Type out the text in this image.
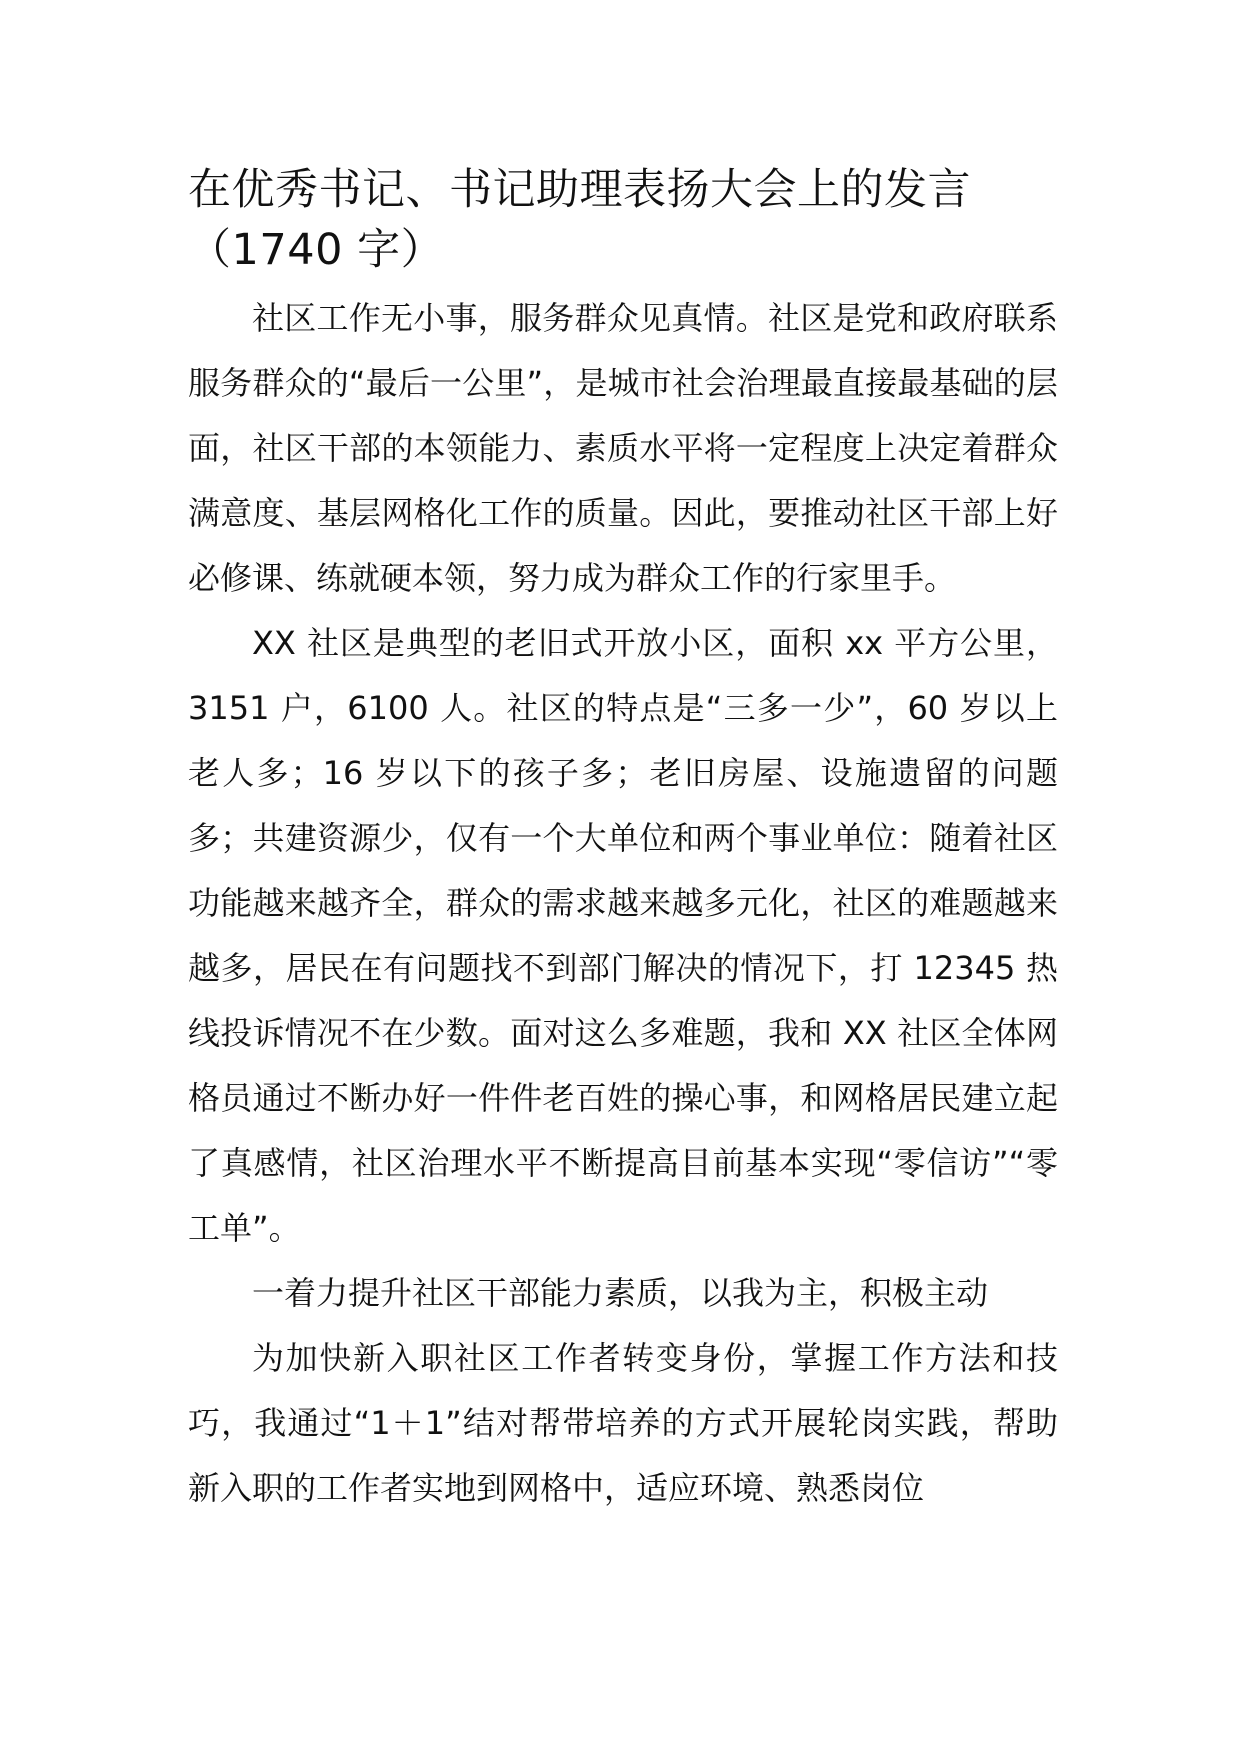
在优秀书记、书记助理表扬大会上的发言
（1740 字）

社区工作无小事，服务群众见真情。社区是党和政府联系服务群众的“最后一公里”，是城市社会治理最直接最基础的层面，社区干部的本领能力、素质水平将一定程度上决定着群众满意度、基层网格化工作的质量。因此，要推动社区干部上好必修课、练就硬本领，努力成为群众工作的行家里手。

XX 社区是典型的老旧式开放小区，面积 xx 平方公里，3151 户，6100 人。社区的特点是“三多一少”，60 岁以上老人多；16 岁以下的孩子多；老旧房屋、设施遗留的问题多；共建资源少，仅有一个大单位和两个事业单位：随着社区功能越来越齐全，群众的需求越来越多元化，社区的难题越来越多，居民在有问题找不到部门解决的情况下，打 12345 热线投诉情况不在少数。面对这么多难题，我和 XX 社区全体网格员通过不断办好一件件老百姓的操心事，和网格居民建立起了真感情，社区治理水平不断提高目前基本实现“零信访”“零工单”。

一着力提升社区干部能力素质，以我为主，积极主动

为加快新入职社区工作者转变身份，掌握工作方法和技巧，我通过“1＋1”结对帮带培养的方式开展轮岗实践，帮助新入职的工作者实地到网格中，适应环境、熟悉岗位
